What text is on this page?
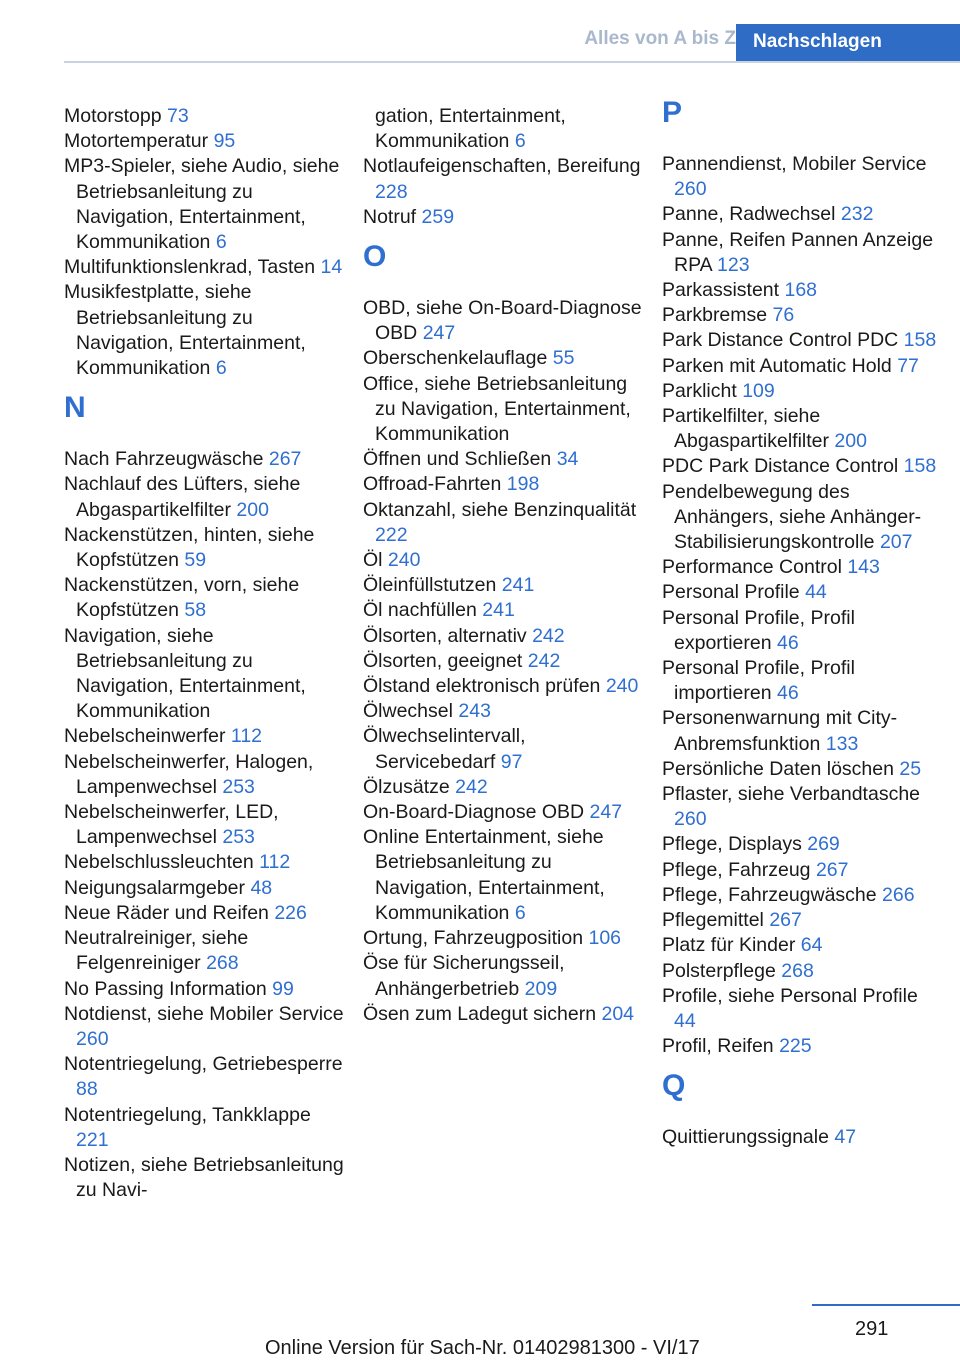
Alles von A bis Z Nachschlagen
Motorstopp 73
Motortemperatur 95
MP3-Spieler, siehe Audio, siehe Betriebsanleitung zu Navigation, Entertainment, Kommunikation 6
Multifunktionslenkrad, Tasten 14
Musikfestplatte, siehe Betriebsanleitung zu Navigation, Entertainment, Kommunikation 6
N
Nach Fahrzeugwäsche 267
Nachlauf des Lüfters, siehe Abgaspartikelfilter 200
Nackenstützen, hinten, siehe Kopfstützen 59
Nackenstützen, vorn, siehe Kopfstützen 58
Navigation, siehe Betriebsanleitung zu Navigation, Entertainment, Kommunikation
Nebelscheinwerfer 112
Nebelscheinwerfer, Halogen, Lampenwechsel 253
Nebelscheinwerfer, LED, Lampenwechsel 253
Nebelschlussleuchten 112
Neigungsalarmgeber 48
Neue Räder und Reifen 226
Neutralreiniger, siehe Felgenreiniger 268
No Passing Information 99
Notdienst, siehe Mobiler Service 260
Notentriegelung, Getriebesperre 88
Notentriegelung, Tankklappe 221
Notizen, siehe Betriebsanleitung zu Navi-
gation, Entertainment, Kommunikation 6
Notlaufeigenschaften, Bereifung 228
Notruf 259
O
OBD, siehe On-Board-Diagnose OBD 247
Oberschenkelauflage 55
Office, siehe Betriebsanleitung zu Navigation, Entertainment, Kommunikation
Öffnen und Schließen 34
Offroad-Fahrten 198
Oktanzahl, siehe Benzinqualität 222
Öl 240
Öleinfüllstutzen 241
Öl nachfüllen 241
Ölsorten, alternativ 242
Ölsorten, geeignet 242
Ölstand elektronisch prüfen 240
Ölwechsel 243
Ölwechselintervall, Servicebedarf 97
Ölzusätze 242
On-Board-Diagnose OBD 247
Online Entertainment, siehe Betriebsanleitung zu Navigation, Entertainment, Kommunikation 6
Ortung, Fahrzeugposition 106
Öse für Sicherungsseil, Anhängerbetrieb 209
Ösen zum Ladegut sichern 204
P
Pannendienst, Mobiler Service 260
Panne, Radwechsel 232
Panne, Reifen Pannen Anzeige RPA 123
Parkassistent 168
Parkbremse 76
Park Distance Control PDC 158
Parken mit Automatic Hold 77
Parklicht 109
Partikelfilter, siehe Abgaspartikelfilter 200
PDC Park Distance Control 158
Pendelbewegung des Anhängers, siehe Anhänger-Stabilisierungskontrolle 207
Performance Control 143
Personal Profile 44
Personal Profile, Profil exportieren 46
Personal Profile, Profil importieren 46
Personenwarnung mit City-Anbremsfunktion 133
Persönliche Daten löschen 25
Pflaster, siehe Verbandtasche 260
Pflege, Displays 269
Pflege, Fahrzeug 267
Pflege, Fahrzeugwäsche 266
Pflegemittel 267
Platz für Kinder 64
Polsterpflege 268
Profile, siehe Personal Profile 44
Profil, Reifen 225
Q
Quittierungssignale 47
291
Online Version für Sach-Nr. 01402981300 - VI/17
